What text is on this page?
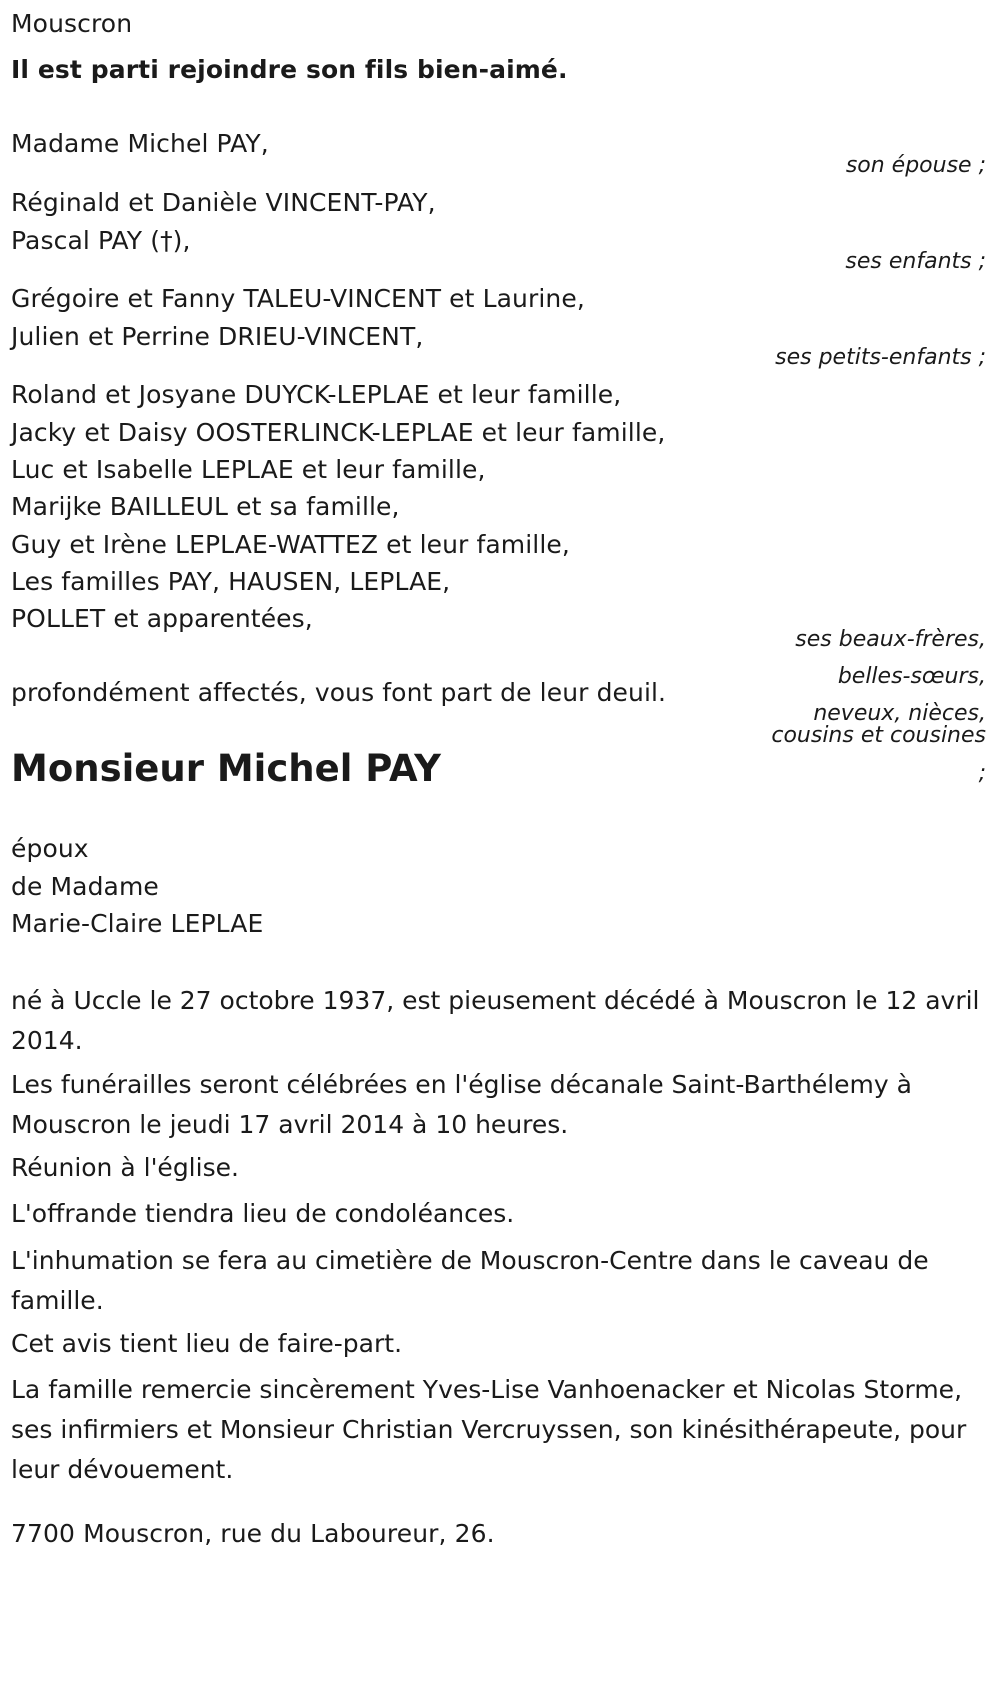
Mouscron
Il est parti rejoindre son fils bien-aimé.
Madame Michel PAY,
son épouse ;
Réginald et Danièle VINCENT-PAY,
Pascal PAY (†),
ses enfants ;
Grégoire et Fanny TALEU-VINCENT et Laurine,
Julien et Perrine DRIEU-VINCENT,
ses petits-enfants ;
Roland et Josyane DUYCK-LEPLAE et leur famille,
Jacky et Daisy OOSTERLINCK-LEPLAE et leur famille,
Luc et Isabelle LEPLAE et leur famille,
Marijke BAILLEUL et sa famille,
Guy et Irène LEPLAE-WATTEZ et leur famille,
Les familles PAY, HAUSEN, LEPLAE,
POLLET et apparentées,
ses beaux-frères,
belles-sœurs,
neveux, nièces,
cousins et cousines
;
profondément affectés, vous font part de leur deuil.
Monsieur Michel PAY
époux
de Madame
Marie-Claire LEPLAE
né à Uccle le 27 octobre 1937, est pieusement décédé à Mouscron le 12 avril 2014.
Les funérailles seront célébrées en l'église décanale Saint-Barthélemy à Mouscron le jeudi 17 avril 2014 à 10 heures.
Réunion à l'église.
L'offrande tiendra lieu de condoléances.
L'inhumation se fera au cimetière de Mouscron-Centre dans le caveau de famille.
Cet avis tient lieu de faire-part.
La famille remercie sincèrement Yves-Lise Vanhoenacker et Nicolas Storme, ses infirmiers et Monsieur Christian Vercruyssen, son kinésithérapeute, pour leur dévouement.
7700 Mouscron, rue du Laboureur, 26.
